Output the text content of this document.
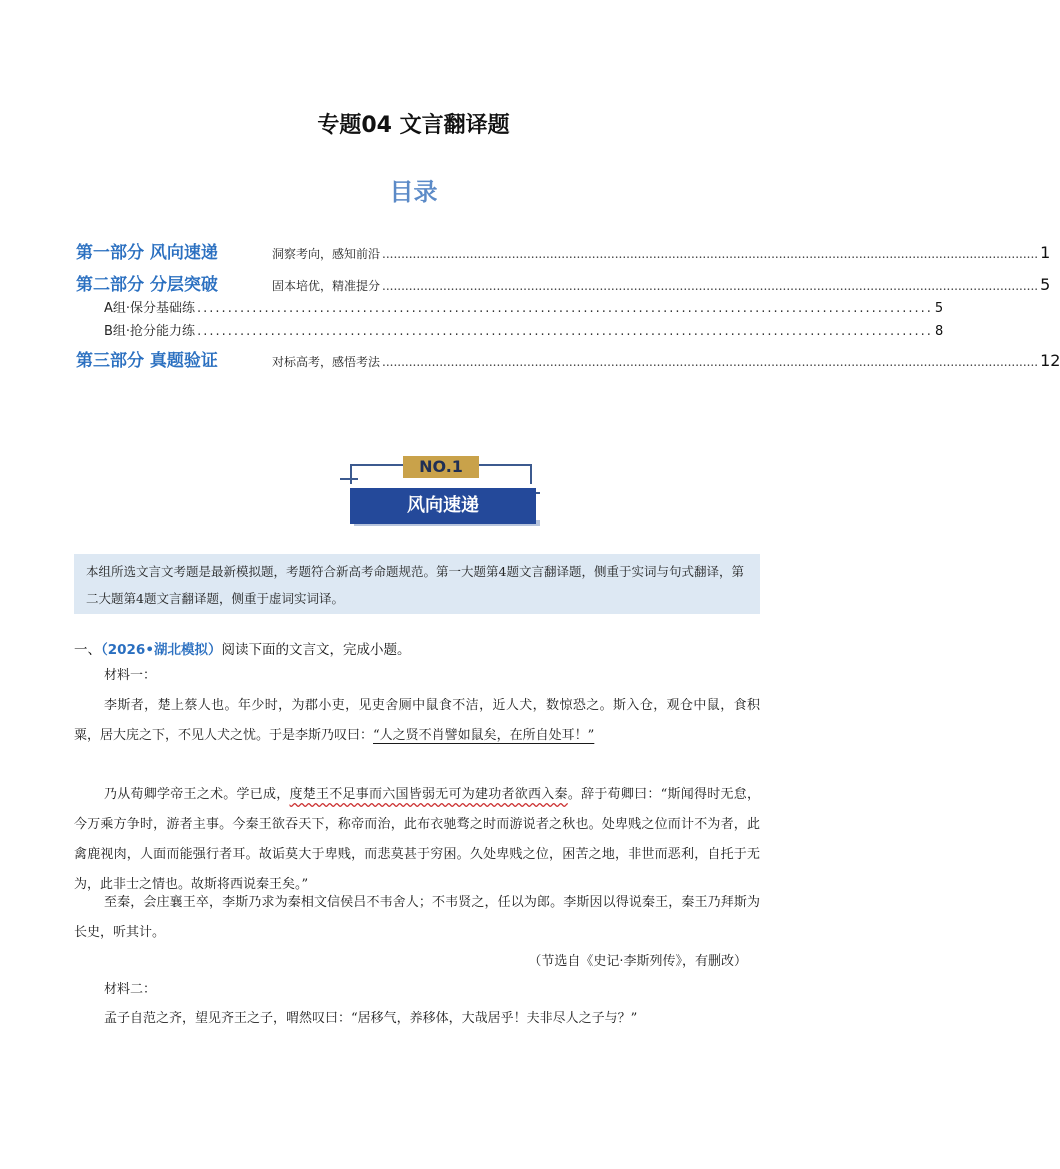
专题04 文言翻译题
目录
第一部分 风向速递	洞察考向，感知前沿 ............................................................................................................................................................................ 1
第二部分 分层突破	固本培优，精准提分 ............................................................................................................................................................................ 5
A组·保分基础练 ........................................................................................................................ 5
B组·抢分能力练 ........................................................................................................................ 8
第三部分 真题验证	对标高考，感悟考法 ............................................................................................................................................................................ 12
风向速递
NO.1
本组所选文言文考题是最新模拟题，考题符合新高考命题规范。第一大题第4题文言翻译题，侧重于实词与句式翻译，第二大题第4题文言翻译题，侧重于虚词实词译。
一、（2026•湖北模拟）阅读下面的文言文，完成小题。
材料一：
李斯者，楚上蔡人也。年少时，为郡小吏，见吏舍厕中鼠食不洁，近人犬，数惊恐之。斯入仓，观仓中鼠，食积粟，居大庑之下，不见人犬之忧。于是李斯乃叹曰：“人之贤不肖譬如鼠矣，在所自处耳！”
乃从荀卿学帝王之术。学已成，度楚王不足事而六国皆弱无可为建功者欲西入秦。辞于荀卿曰：“斯闻得时无怠，今万乘方争时，游者主事。今秦王欲吞天下，称帝而治，此布衣驰骛之时而游说者之秋也。处卑贱之位而计不为者，此禽鹿视肉，人面而能强行者耳。故诟莫大于卑贱，而悲莫甚于穷困。久处卑贱之位，困苦之地，非世而恶利，自托于无为，此非士之情也。故斯将西说秦王矣。”
至秦，会庄襄王卒，李斯乃求为秦相文信侯吕不韦舍人；不韦贤之，任以为郎。李斯因以得说秦王，秦王乃拜斯为长史，听其计。
（节选自《史记·李斯列传》，有删改）
材料二：
孟子自范之齐，望见齐王之子，喟然叹曰：“居移气，养移体，大哉居乎！夫非尽人之子与？”
